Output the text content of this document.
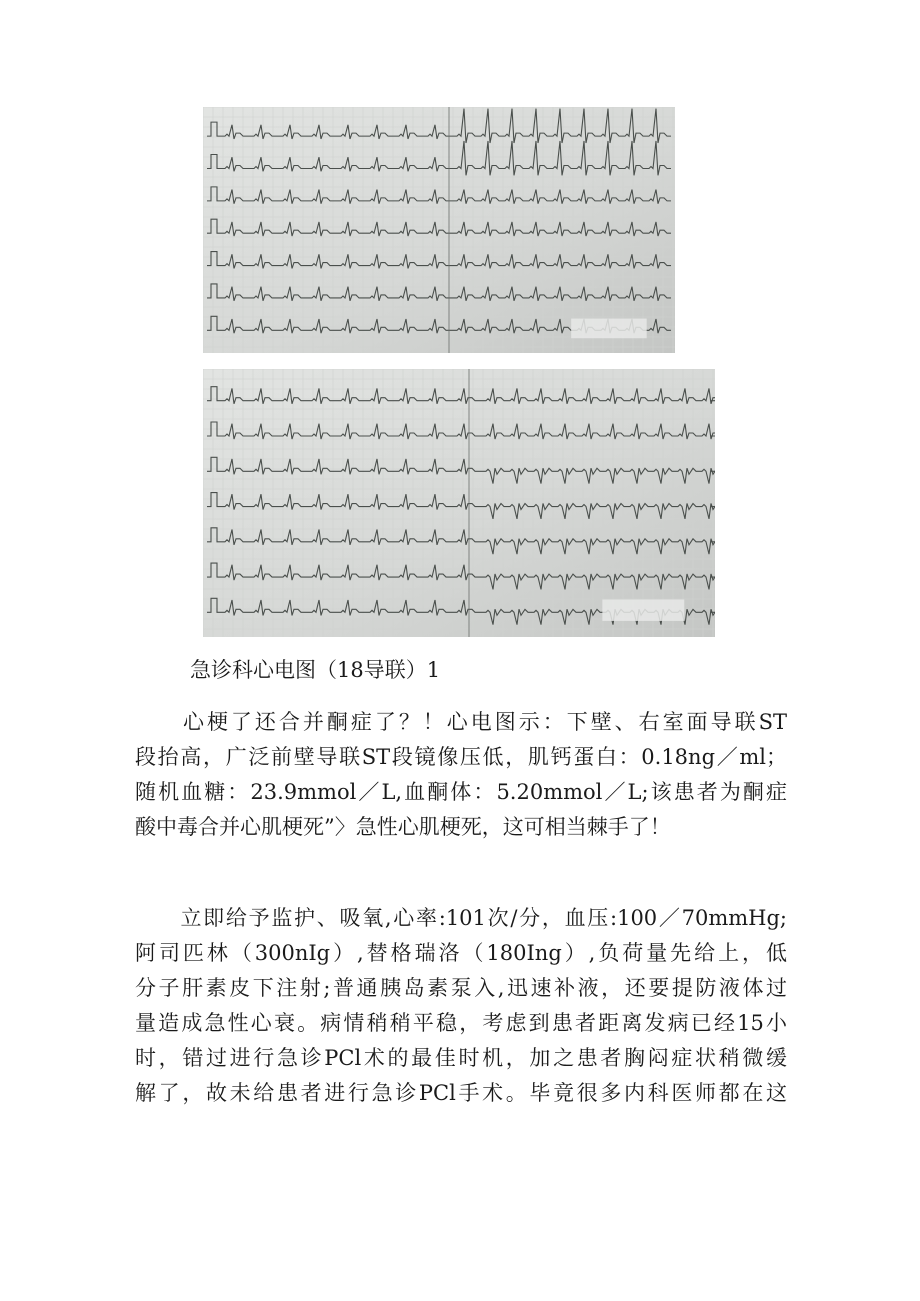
急诊科心电图（18导联）1
　　心梗了还合并酮症了？！心电图示：下壁、右室面导联ST
段抬高，广泛前壁导联ST段镜像压低，肌钙蛋白：0.18ng／ml；
随机血糖：23.9mmol／L,血酮体：5.20mmol／L;该患者为酮症
酸中毒合并心肌梗死”〉急性心肌梗死，这可相当棘手了！
　　立即给予监护、吸氧,心率:101次/分，血压:100／70mmHg;
阿司匹林（300nIg）,替格瑞洛（180Ing）,负荷量先给上，低
分子肝素皮下注射;普通胰岛素泵入,迅速补液，还要提防液体过
量造成急性心衰。病情稍稍平稳，考虑到患者距离发病已经15小
时，错过进行急诊PCl术的最佳时机，加之患者胸闷症状稍微缓
解了，故未给患者进行急诊PCl手术。毕竟很多内科医师都在这
